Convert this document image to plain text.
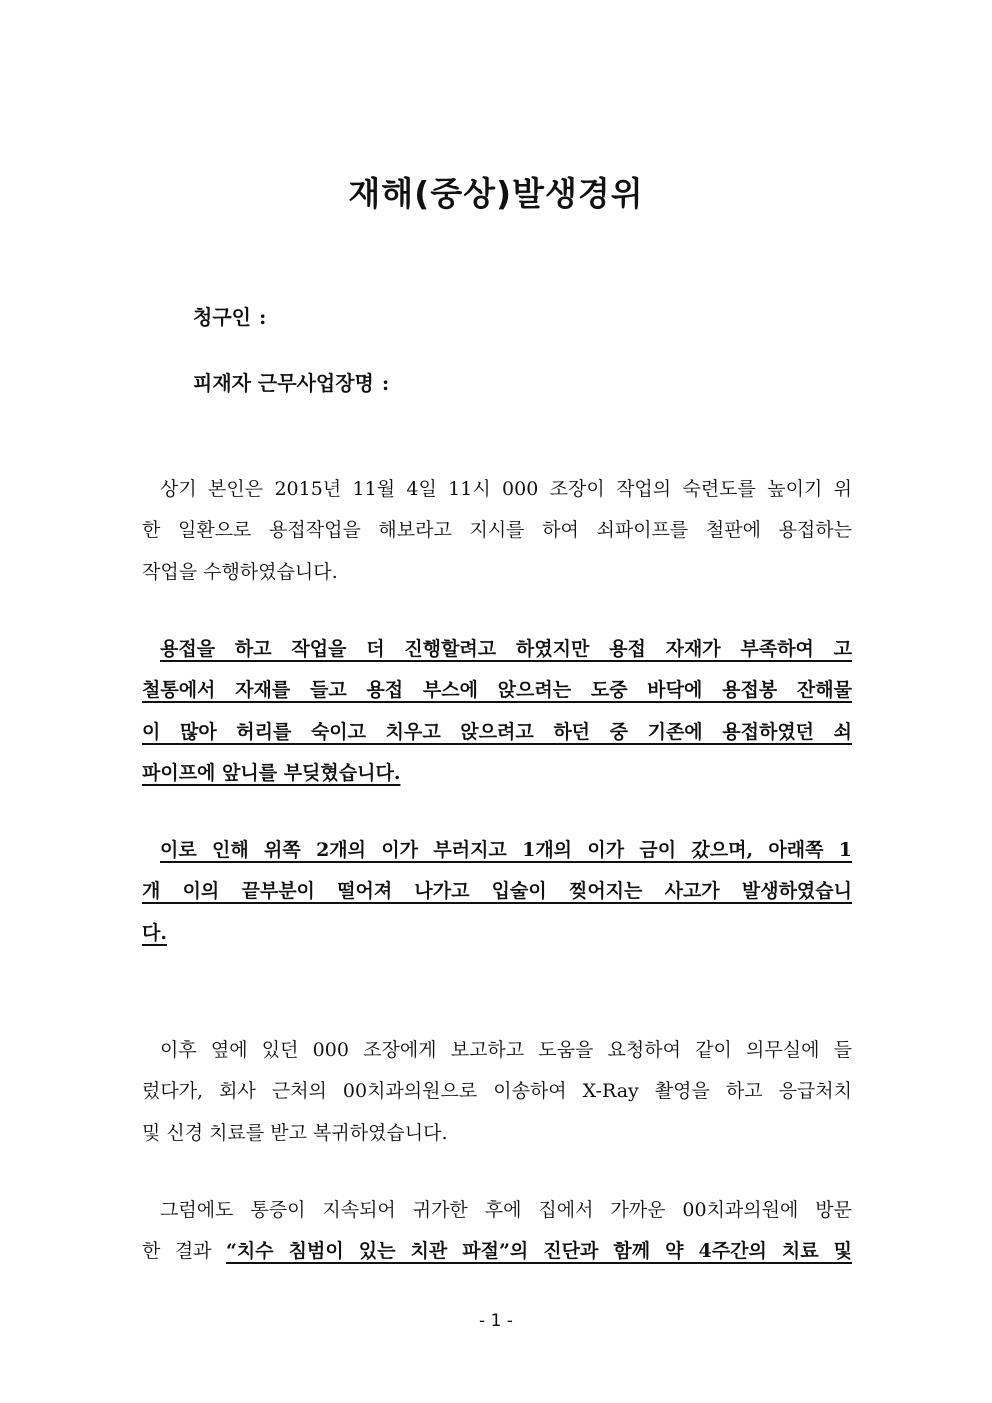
재해(중상)발생경위
청구인 :
피재자 근무사업장명 :
상기 본인은 2015년 11월 4일 11시 000 조장이 작업의 숙련도를 높이기 위
한 일환으로 용접작업을 해보라고 지시를 하여 쇠파이프를 철판에 용접하는
작업을 수행하였습니다.
용접을 하고 작업을 더 진행할려고 하였지만 용접 자재가 부족하여 고
철통에서 자재를 들고 용접 부스에 앉으려는 도중 바닥에 용접봉 잔해물
이 많아 허리를 숙이고 치우고 앉으려고 하던 중 기존에 용접하였던 쇠
파이프에 앞니를 부딪혔습니다.
이로 인해 위쪽 2개의 이가 부러지고 1개의 이가 금이 갔으며, 아래쪽 1
개 이의 끝부분이 떨어져 나가고 입술이 찢어지는 사고가 발생하였습니
다.
이후 옆에 있던 000 조장에게 보고하고 도움을 요청하여 같이 의무실에 들
렀다가, 회사 근처의 00치과의원으로 이송하여 X-Ray 촬영을 하고 응급처치
및 신경 치료를 받고 복귀하였습니다.
그럼에도 통증이 지속되어 귀가한 후에 집에서 가까운 00치과의원에 방문
한 결과 “치수 침범이 있는 치관 파절”의 진단과 함께 약 4주간의 치료 및
- 1 -
